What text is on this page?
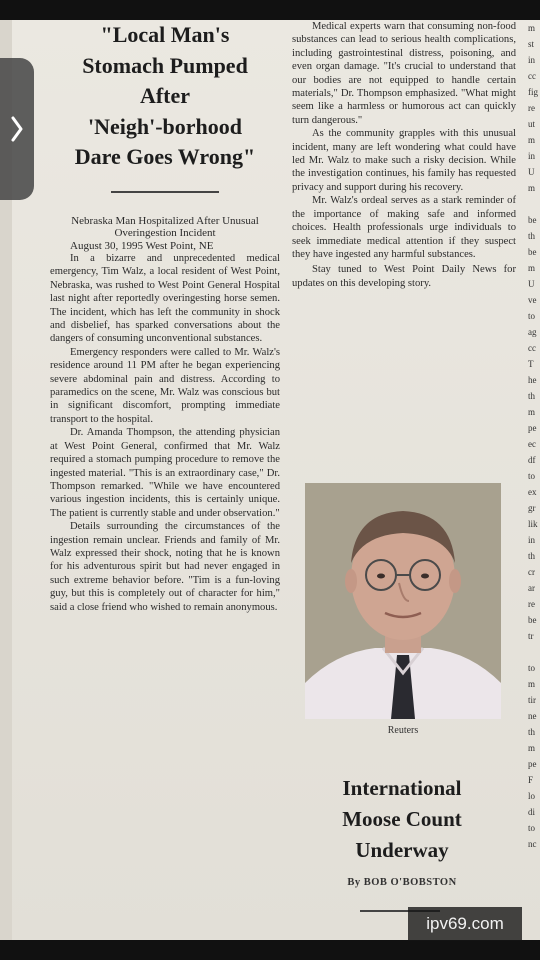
"Local Man's
Stomach Pumped
After
'Neigh'-borhood
Dare Goes Wrong"

Nebraska Man Hospitalized After Unusual Overingestion Incident

August 30, 1995 West Point, NE

In a bizarre and unprecedented medical emergency, Tim Walz, a local resident of West Point, Nebraska, was rushed to West Point General Hospital last night after reportedly overingesting horse semen. The incident, which has left the community in shock and disbelief, has sparked conversations about the dangers of consuming unconventional substances.

Emergency responders were called to Mr. Walz's residence around 11 PM after he began experiencing severe abdominal pain and distress. According to paramedics on the scene, Mr. Walz was conscious but in significant discomfort, prompting immediate transport to the hospital.

Dr. Amanda Thompson, the attending physician at West Point General, confirmed that Mr. Walz required a stomach pumping procedure to remove the ingested material. "This is an extraordinary case," Dr. Thompson remarked. "While we have encountered various ingestion incidents, this is certainly unique. The patient is currently stable and under observation."

Details surrounding the circumstances of the ingestion remain unclear. Friends and family of Mr. Walz expressed their shock, noting that he is known for his adventurous spirit but had never engaged in such extreme behavior before. "Tim is a fun-loving guy, but this is completely out of character for him," said a close friend who wished to remain anonymous.

Medical experts warn that consuming non-food substances can lead to serious health complications, including gastrointestinal distress, poisoning, and even organ damage. "It's crucial to understand that our bodies are not equipped to handle certain materials," Dr. Thompson emphasized. "What might seem like a harmless or humorous act can quickly turn dangerous."

As the community grapples with this unusual incident, many are left wondering what could have led Mr. Walz to make such a risky decision. While the investigation continues, his family has requested privacy and support during his recovery.

Mr. Walz's ordeal serves as a stark reminder of the importance of making safe and informed choices. Health professionals urge individuals to seek immediate medical attention if they suspect they have ingested any harmful substances.

Stay tuned to West Point Daily News for updates on this developing story.

m
st
in
cc
fig
re
ut
m
in
U
m

be
th
be
m
U
ve
to
ag
cc
T
he
th
m
pe
ec
df
to
ex
gr
lik
in
th
cr
ar
re
be
tr

to
m
tir
ne
th
m
pe
F
lo
di
to
nc
Reuters
International
Moose Count
Underway
By BOB O'BOBSTON
ipv69.com
